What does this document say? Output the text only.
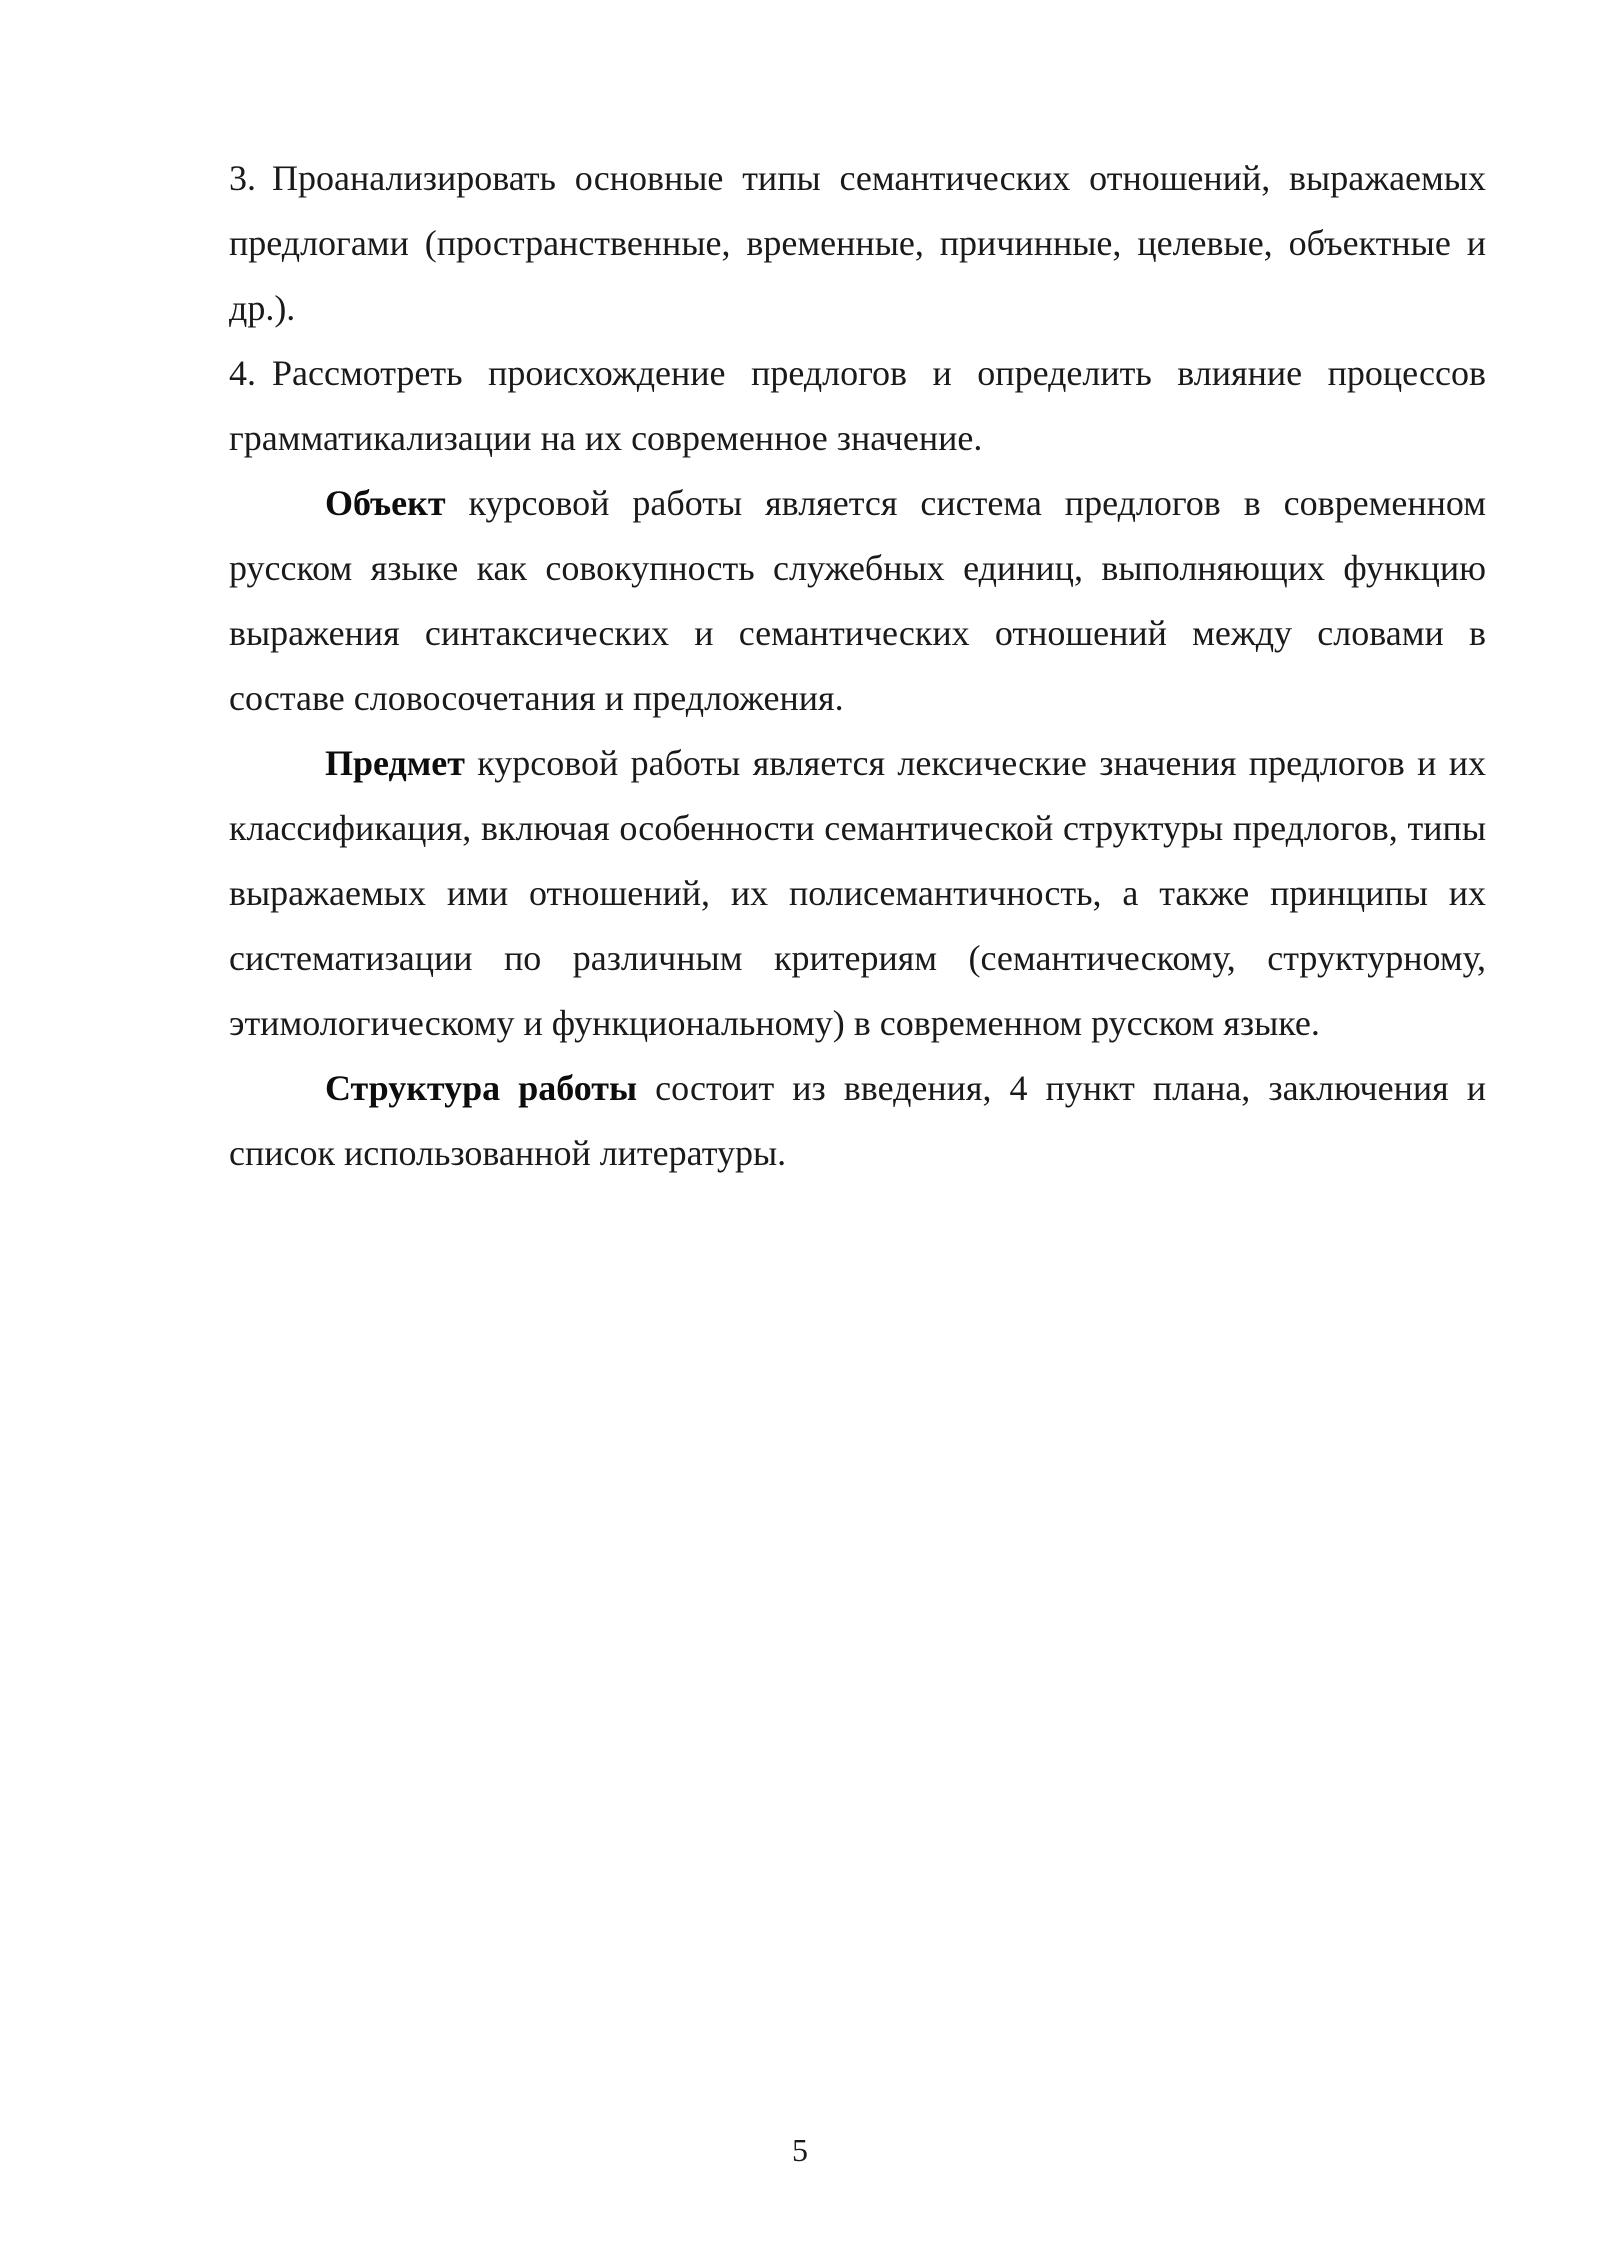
3. Проанализировать основные типы семантических отношений, выражаемых предлогами (пространственные, временные, причинные, целевые, объектные и др.).

4. Рассмотреть происхождение предлогов и определить влияние процессов грамматикализации на их современное значение.

Объект курсовой работы является система предлогов в современном русском языке как совокупность служебных единиц, выполняющих функцию выражения синтаксических и семантических отношений между словами в составе словосочетания и предложения.

Предмет курсовой работы является лексические значения предлогов и их классификация, включая особенности семантической структуры предлогов, типы выражаемых ими отношений, их полисемантичность, а также принципы их систематизации по различным критериям (семантическому, структурному, этимологическому и функциональному) в современном русском языке.

Структура работы состоит из введения, 4 пункт плана, заключения и список использованной литературы.

5
